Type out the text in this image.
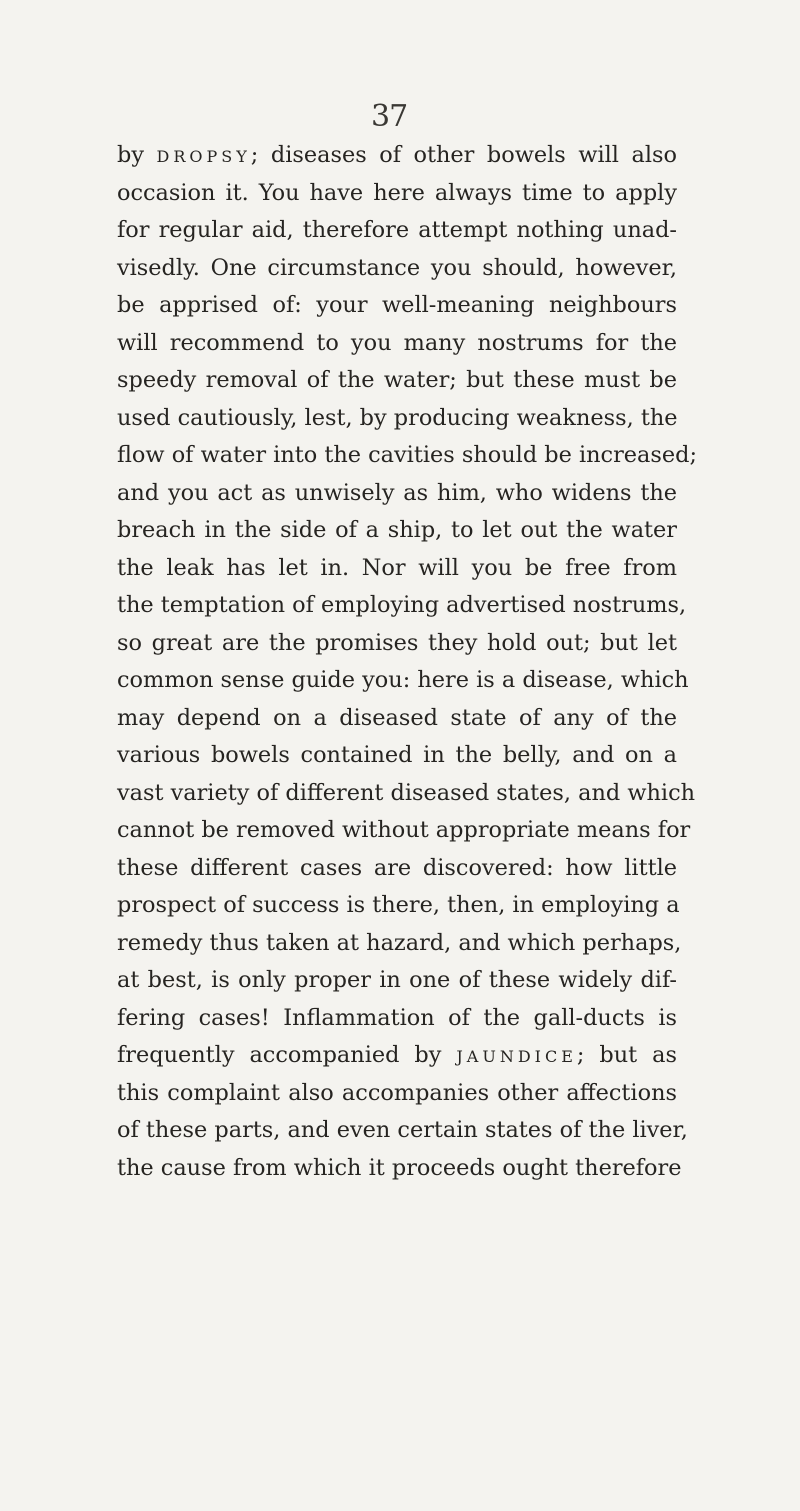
37
by dropsy; diseases of other bowels will also
occasion it. You have here always time to apply
for regular aid, therefore attempt nothing unad-
visedly. One circumstance you should, however,
be apprised of: your well-meaning neighbours
will recommend to you many nostrums for the
speedy removal of the water; but these must be
used cautiously, lest, by producing weakness, the
flow of water into the cavities should be increased;
and you act as unwisely as him, who widens the
breach in the side of a ship, to let out the water
the leak has let in. Nor will you be free from
the temptation of employing advertised nostrums,
so great are the promises they hold out; but let
common sense guide you: here is a disease, which
may depend on a diseased state of any of the
various bowels contained in the belly, and on a
vast variety of different diseased states, and which
cannot be removed without appropriate means for
these different cases are discovered: how little
prospect of success is there, then, in employing a
remedy thus taken at hazard, and which perhaps,
at best, is only proper in one of these widely dif-
fering cases! Inflammation of the gall-ducts is
frequently accompanied by jaundice; but as
this complaint also accompanies other affections
of these parts, and even certain states of the liver,
the cause from which it proceeds ought therefore
